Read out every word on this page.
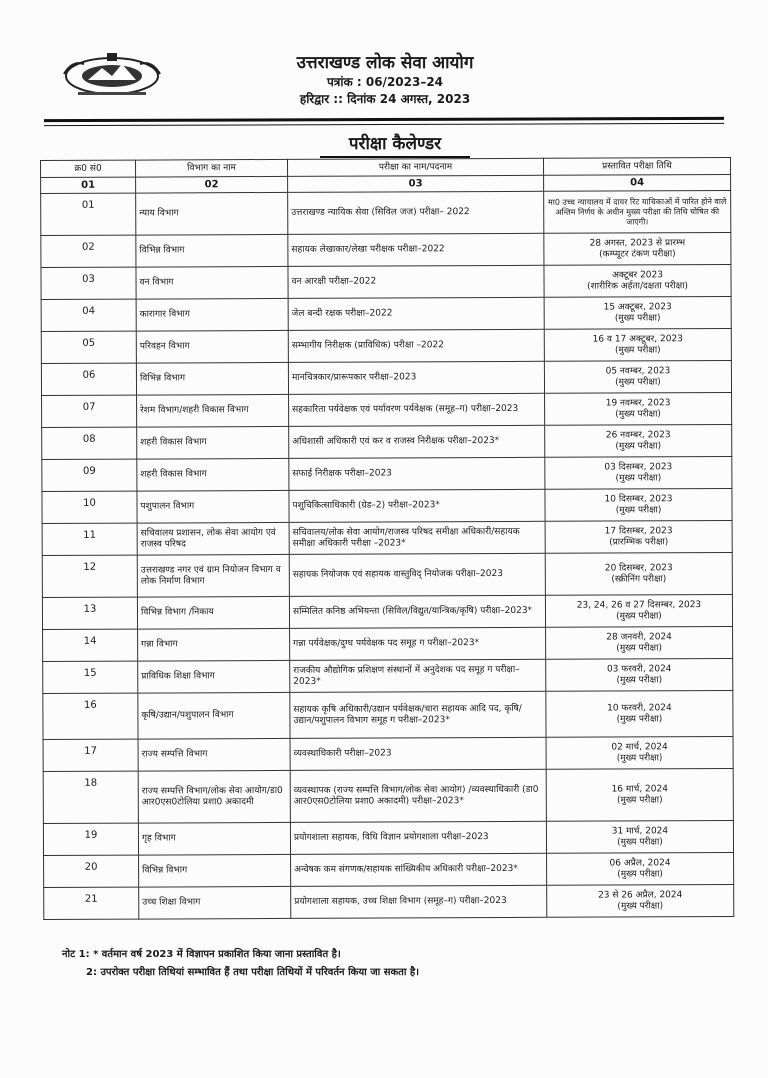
उत्तराखण्ड लोक सेवा आयोग
पत्रांक : 06/2023–24
हरिद्वार :: दिनांक 24 अगस्त, 2023
परीक्षा कैलेण्डर
क्र0 सं0	विभाग का नाम	परीक्षा का नाम/पदनाम	प्रस्तावित परीक्षा तिथि
01	02	03	04
01	न्याय विभाग	उत्तराखण्ड न्यायिक सेवा (सिविल जज) परीक्षा– 2022	मा0 उच्च न्यायालय में दायर रिट याचिकाओं में पारित होने वाले अन्तिम निर्णय के अधीन मुख्य परीक्षा की तिथि घोषित की जाएगी।

02	विभिन्न विभाग	सहायक लेखाकार/लेखा परीक्षक परीक्षा–2022	28 अगस्त, 2023 से प्रारम्भ
(कम्प्यूटर टंकण परीक्षा)

03	वन विभाग	वन आरक्षी परीक्षा–2022	अक्टूबर 2023
(शारीरिक अर्हता/दक्षता परीक्षा)

04	कारागार विभाग	जेल बन्दी रक्षक परीक्षा–2022	15 अक्टूबर, 2023
(मुख्य परीक्षा)

05	परिवहन विभाग	सम्भागीय निरीक्षक (प्राविधिक) परीक्षा –2022	16 व 17 अक्टूबर, 2023
(मुख्य परीक्षा)

06	विभिन्न विभाग	मानचित्रकार/प्रारूपकार परीक्षा–2023	05 नवम्बर, 2023
(मुख्य परीक्षा)

07	रेशम विभाग/शहरी विकास विभाग	सहकारिता पर्यवेक्षक एवं पर्यावरण पर्यवेक्षक (समूह–ग) परीक्षा–2023	19 नवम्बर, 2023
(मुख्य परीक्षा)

08	शहरी विकास विभाग	अधिशासी अधिकारी एवं कर व राजस्व निरीक्षक परीक्षा–2023*	26 नवम्बर, 2023
(मुख्य परीक्षा)

09	शहरी विकास विभाग	सफाई निरीक्षक परीक्षा–2023	03 दिसम्बर, 2023
(मुख्य परीक्षा)

10	पशुपालन विभाग	पशुचिकित्साधिकारी (ग्रेड–2) परीक्षा–2023*	10 दिसम्बर, 2023
(मुख्य परीक्षा)

11	सचिवालय प्रशासन, लोक सेवा आयोग एवं राजस्व परिषद	सचिवालय/लोक सेवा आयोग/राजस्व परिषद समीक्षा अधिकारी/सहायक समीक्षा अधिकारी परीक्षा –2023*	17 दिसम्बर, 2023
(प्रारम्भिक परीक्षा)

12	उत्तराखण्ड नगर एवं ग्राम नियोजन विभाग व लोक निर्माण विभाग	सहायक नियोजक एवं सहायक वास्तुविद् नियोजक परीक्षा–2023	20 दिसम्बर, 2023
(स्क्रीनिंग परीक्षा)

13	विभिन्न विभाग /निकाय	सम्मिलित कनिष्ठ अभियन्ता (सिविल/विद्युत/यान्त्रिक/कृषि) परीक्षा–2023*	23, 24, 26 व 27 दिसम्बर, 2023
(मुख्य परीक्षा)

14	गन्ना विभाग	गन्ना पर्यवेक्षक/दुग्ध पर्यवेक्षक पद समूह ग परीक्षा–2023*	28 जनवरी, 2024
(मुख्य परीक्षा)

15	प्राविधिक शिक्षा विभाग	राजकीय औद्योगिक प्रशिक्षण संस्थानों में अनुदेशक पद समूह ग परीक्षा–2023*	03 फरवरी, 2024
(मुख्य परीक्षा)

16	कृषि/उद्यान/पशुपालन विभाग	सहायक कृषि अधिकारी/उद्यान पर्यवेक्षक/चारा सहायक आदि पद, कृषि/उद्यान/पशुपालन विभाग समूह ग परीक्षा–2023*	10 फरवरी, 2024
(मुख्य परीक्षा)

17	राज्य सम्पत्ति विभाग	व्यवस्थाधिकारी परीक्षा–2023	02 मार्च, 2024
(मुख्य परीक्षा)

18	राज्य सम्पत्ति विभाग/लोक सेवा आयोग/डा0 आर0एस0टोलिया प्रशा0 अकादमी	व्यवस्थापक (राज्य सम्पत्ति विभाग/लोक सेवा आयोग) /व्यवस्थाधिकारी (डा0 आर0एस0टोलिया प्रशा0 अकादमी) परीक्षा–2023*	16 मार्च, 2024
(मुख्य परीक्षा)

19	गृह विभाग	प्रयोगशाला सहायक, विधि विज्ञान प्रयोगशाला परीक्षा–2023	31 मार्च, 2024
(मुख्य परीक्षा)

20	विभिन्न विभाग	अन्वेषक कम संगणक/सहायक सांख्यिकीय अधिकारी परीक्षा–2023*	06 अप्रैल, 2024
(मुख्य परीक्षा)

21	उच्च शिक्षा विभाग	प्रयोगशाला सहायक, उच्च शिक्षा विभाग (समूह–ग) परीक्षा–2023	23 से 26 अप्रैल, 2024
(मुख्य परीक्षा)
नोट 1: * वर्तमान वर्ष 2023 में विज्ञापन प्रकाशित किया जाना प्रस्तावित है।
2: उपरोक्त परीक्षा तिथियां सम्भावित हैं तथा परीक्षा तिथियों में परिवर्तन किया जा सकता है।
